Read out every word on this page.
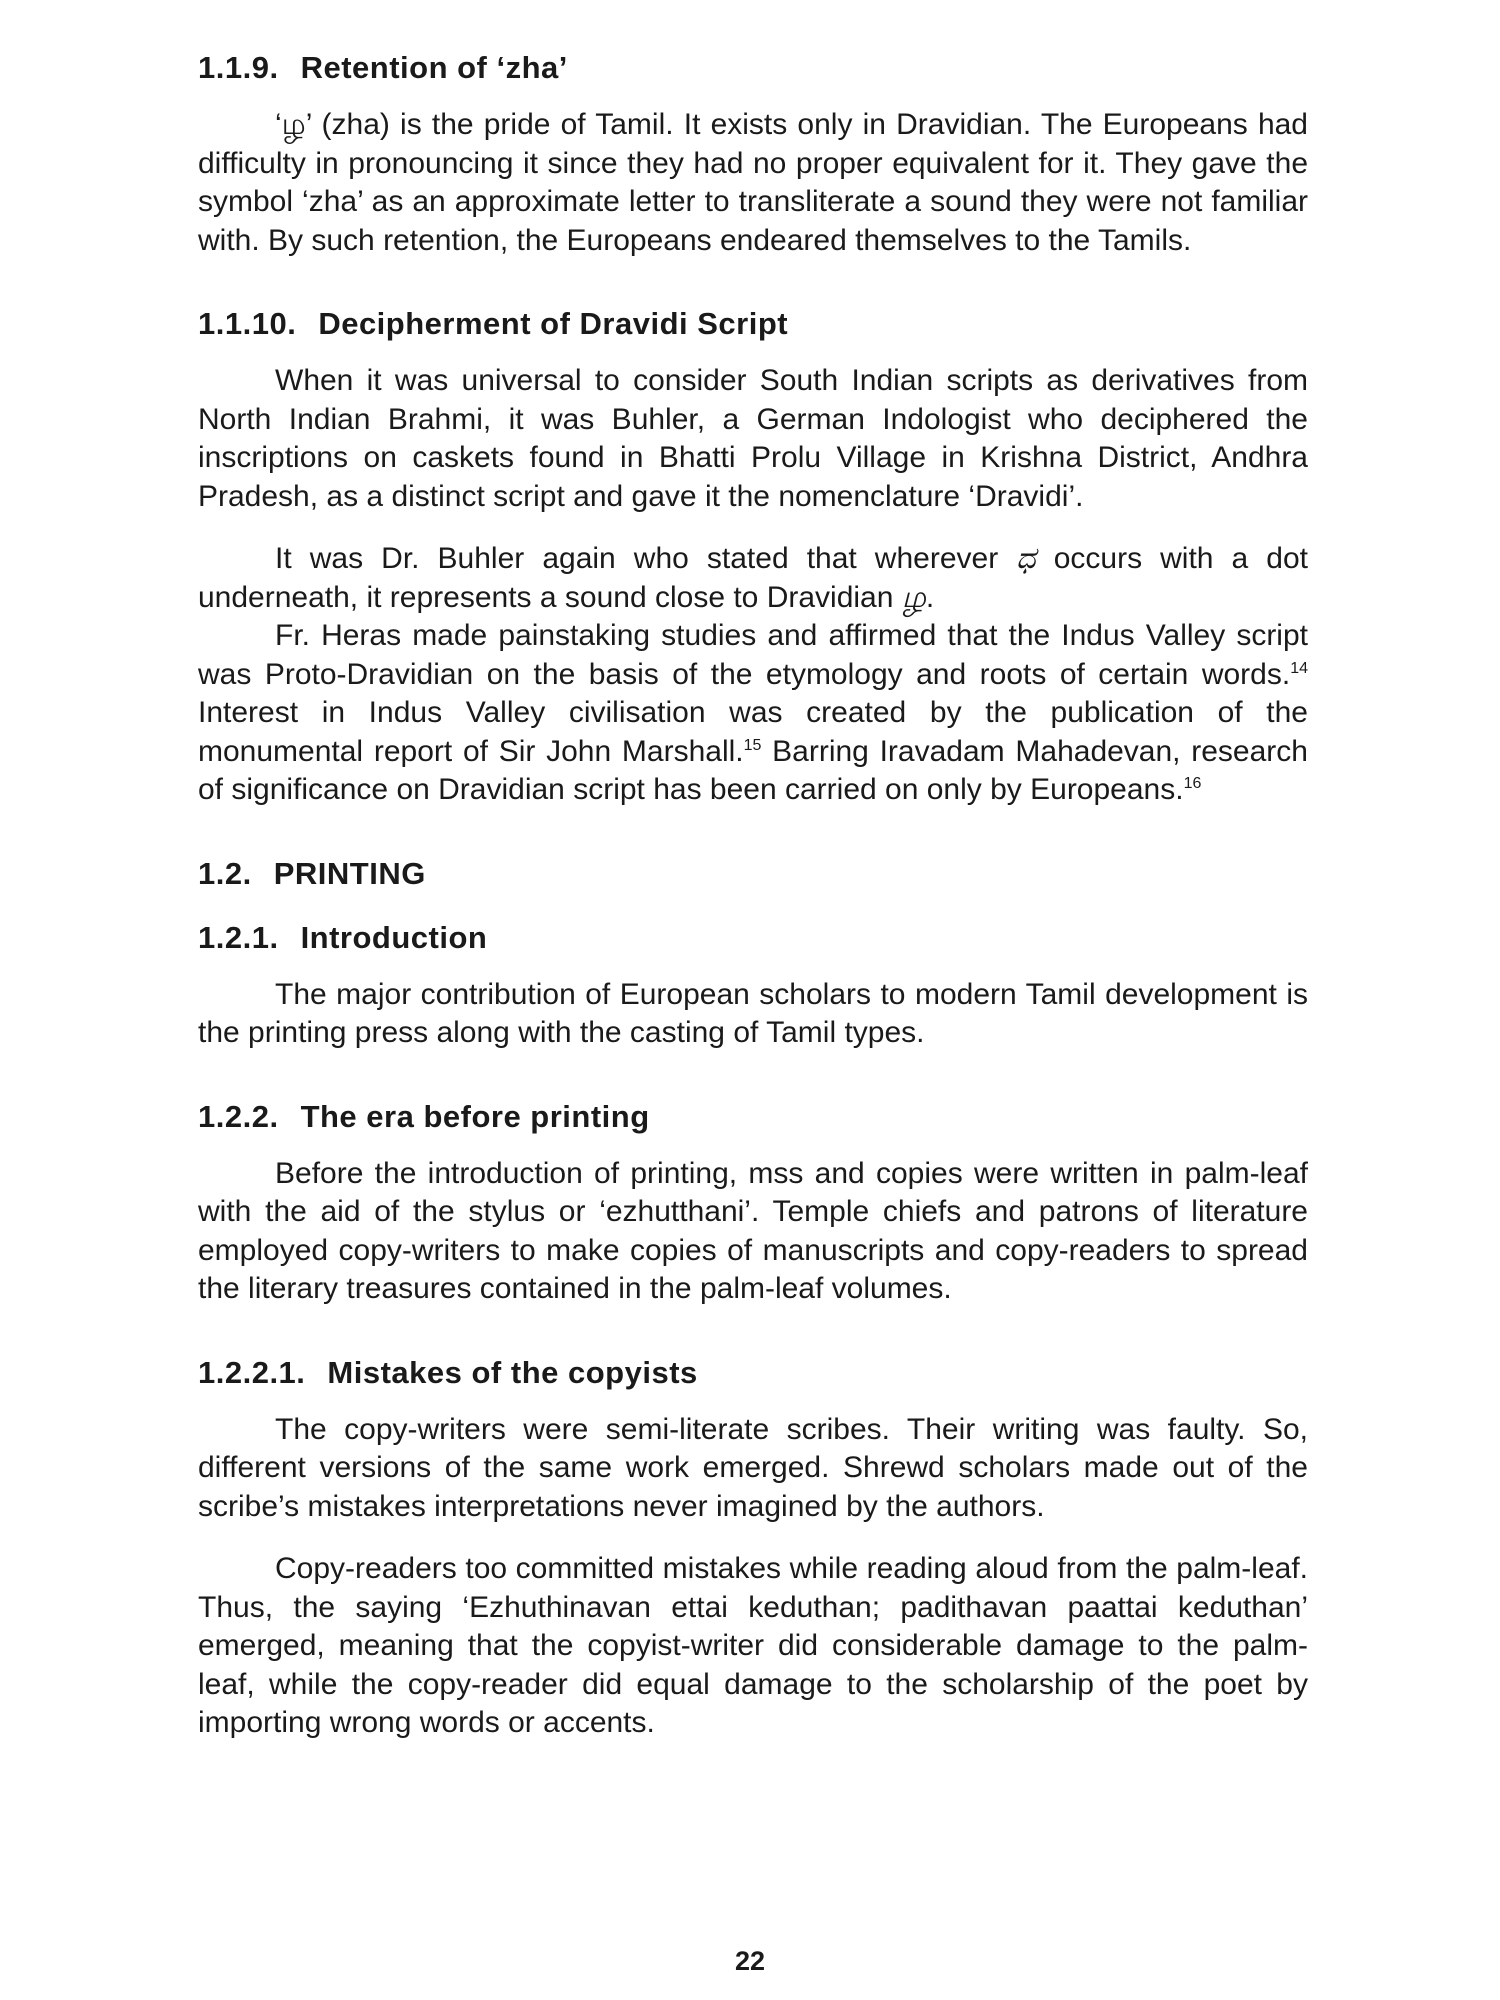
1.1.9. Retention of ‘zha’

‘ழ’ (zha) is the pride of Tamil. It exists only in Dravidian. The Europeans had difficulty in pronouncing it since they had no proper equivalent for it. They gave the symbol ‘zha’ as an approximate letter to transliterate a sound they were not familiar with. By such retention, the Europeans endeared themselves to the Tamils.

1.1.10. Decipherment of Dravidi Script

When it was universal to consider South Indian scripts as derivatives from North Indian Brahmi, it was Buhler, a German Indologist who deciphered the inscriptions on caskets found in Bhatti Prolu Village in Krishna District, Andhra Pradesh, as a distinct script and gave it the nomenclature ‘Dravidi’.

It was Dr. Buhler again who stated that wherever ಧ occurs with a dot underneath, it represents a sound close to Dravidian ழ.

Fr. Heras made painstaking studies and affirmed that the Indus Valley script was Proto-Dravidian on the basis of the etymology and roots of certain words.$^{14}$ Interest in Indus Valley civilisation was created by the publication of the monumental report of Sir John Marshall.$^{15}$ Barring Iravadam Mahadevan, research of significance on Dravidian script has been carried on only by Europeans.$^{16}$

1.2. PRINTING
1.2.1. Introduction

The major contribution of European scholars to modern Tamil development is the printing press along with the casting of Tamil types.

1.2.2. The era before printing

Before the introduction of printing, mss and copies were written in palm-leaf with the aid of the stylus or ‘ezhutthani’. Temple chiefs and patrons of literature employed copy-writers to make copies of manuscripts and copy-readers to spread the literary treasures contained in the palm-leaf volumes.

1.2.2.1. Mistakes of the copyists

The copy-writers were semi-literate scribes. Their writing was faulty. So, different versions of the same work emerged. Shrewd scholars made out of the scribe’s mistakes interpretations never imagined by the authors.

Copy-readers too committed mistakes while reading aloud from the palm-leaf. Thus, the saying ‘Ezhuthinavan ettai keduthan; padithavan paattai keduthan’ emerged, meaning that the copyist-writer did considerable damage to the palm-leaf, while the copy-reader did equal damage to the scholarship of the poet by importing wrong words or accents.

22
